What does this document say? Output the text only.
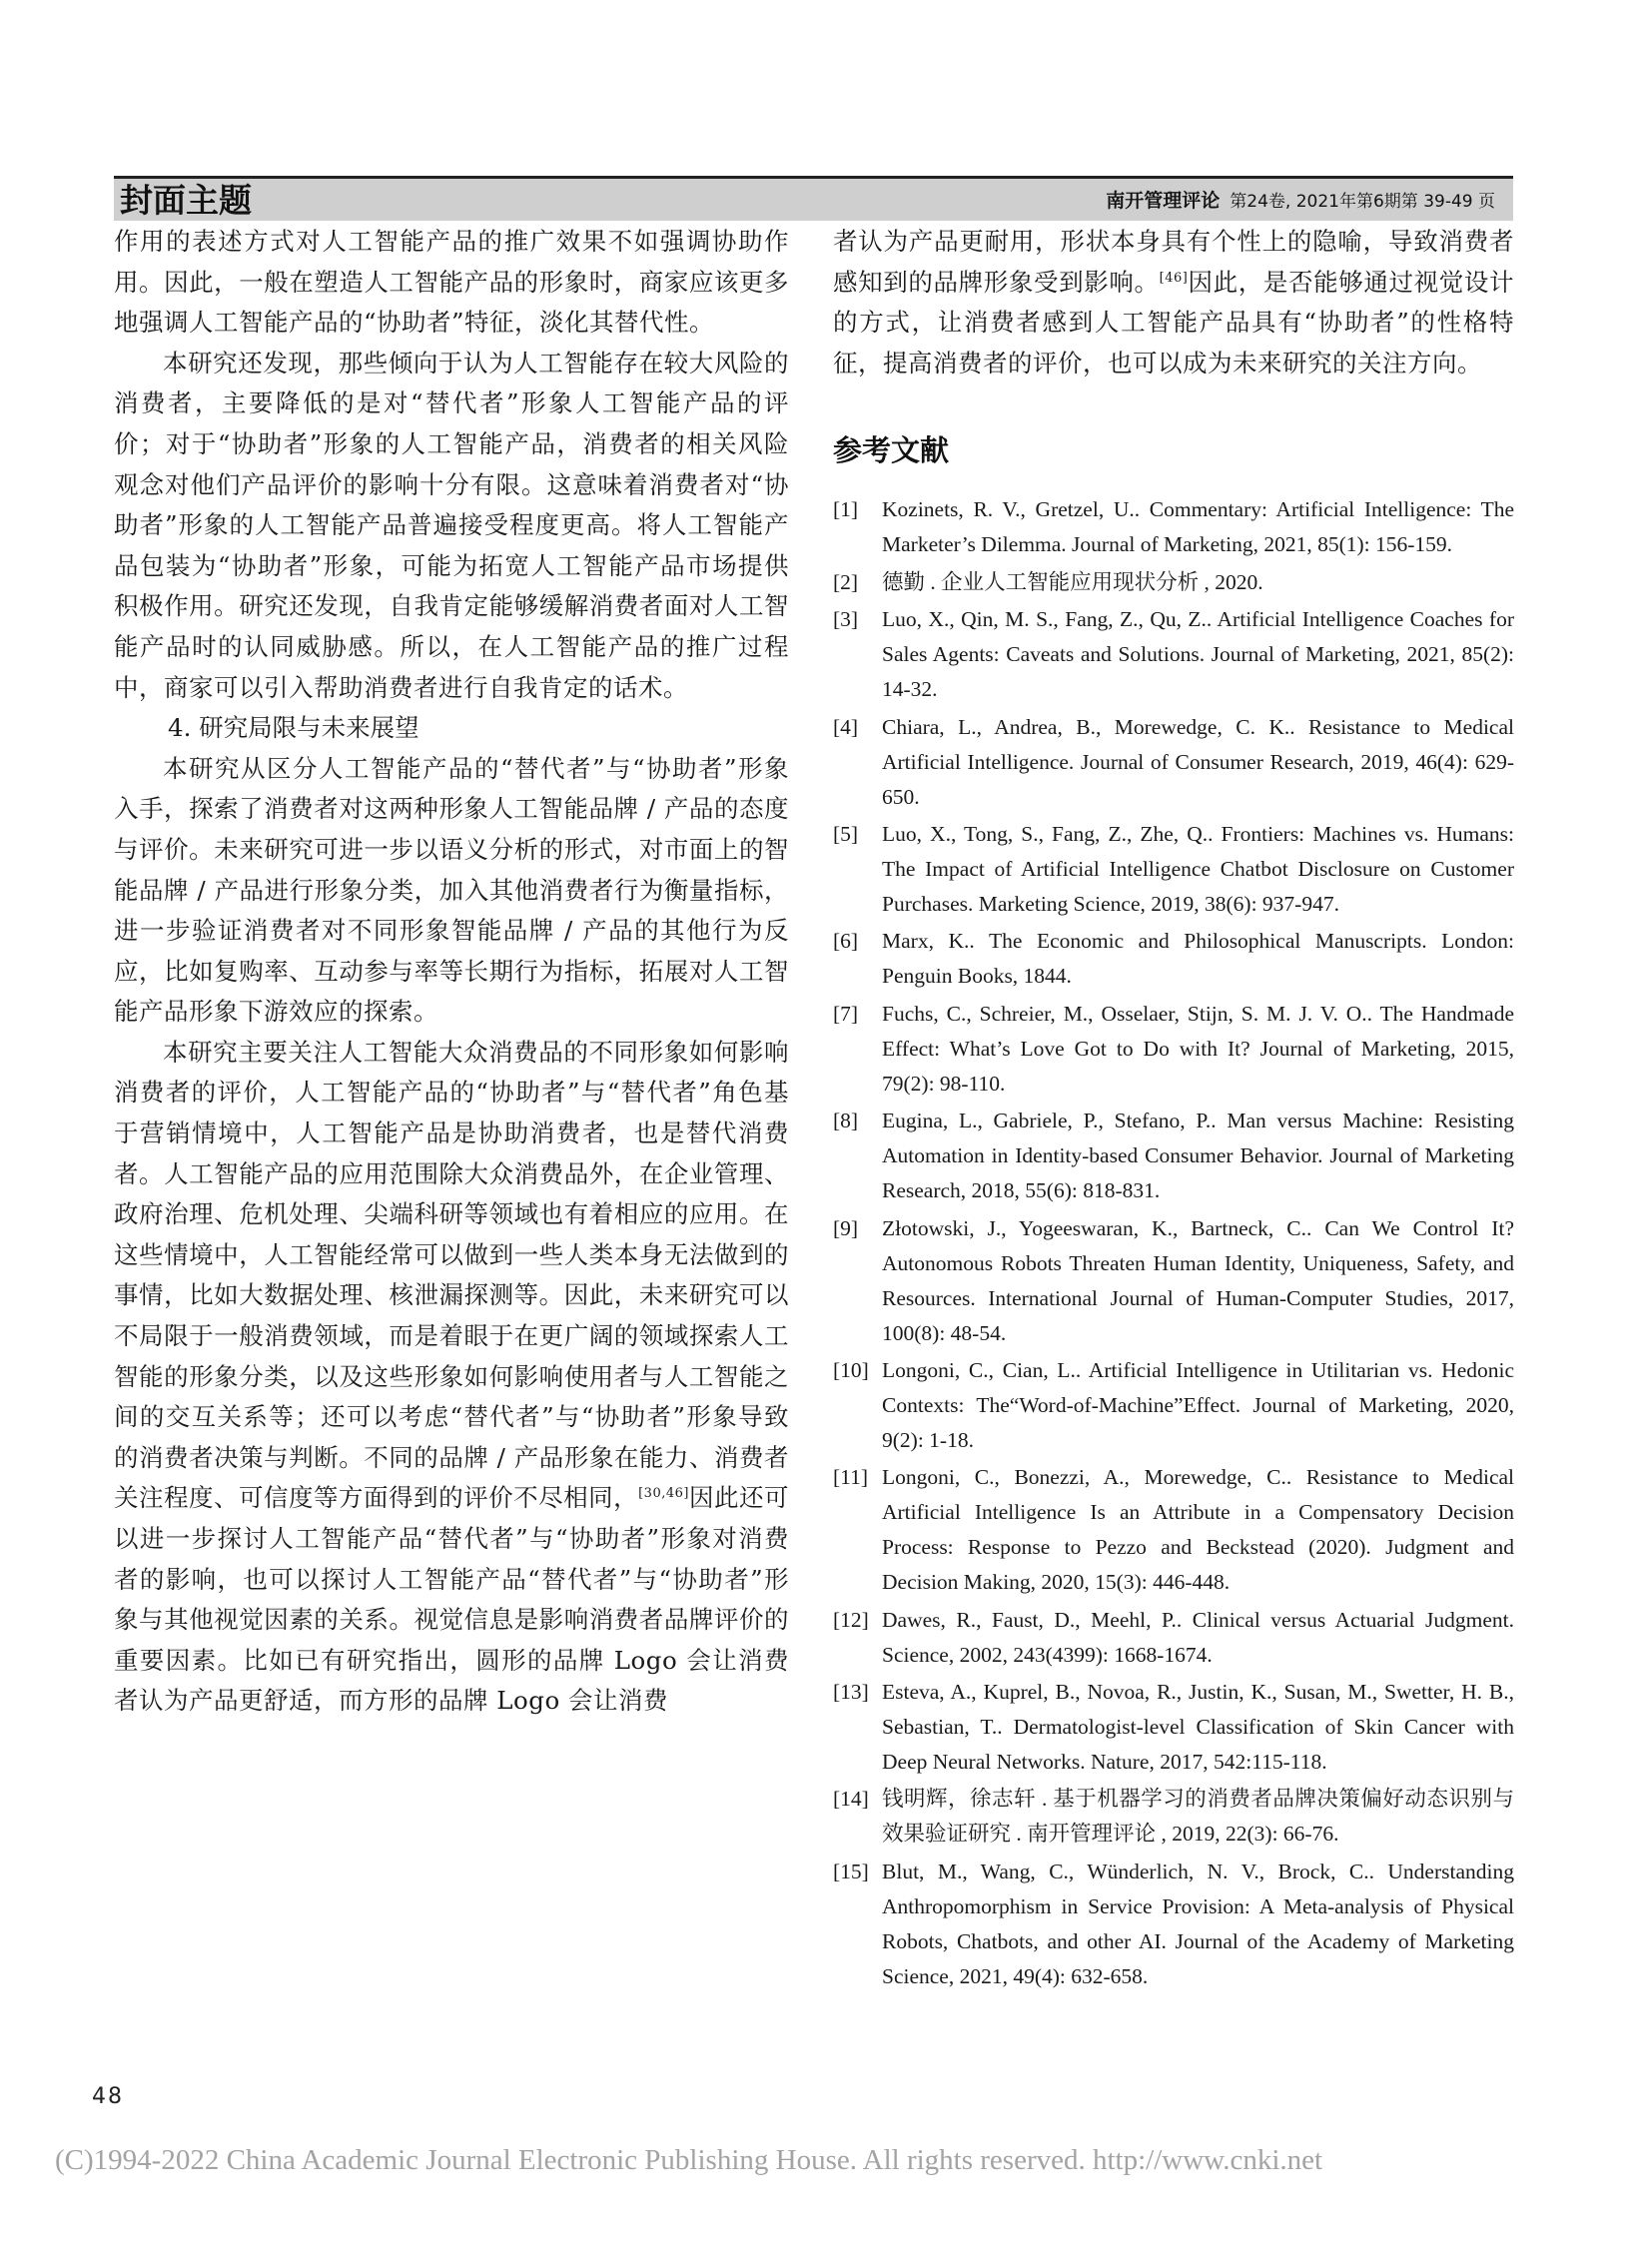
封面主题	南开管理评论 第24卷, 2021年第6期第 39-49 页

作用的表述方式对人工智能产品的推广效果不如强调协助作用。因此，一般在塑造人工智能产品的形象时，商家应该更多地强调人工智能产品的“协助者”特征，淡化其替代性。

本研究还发现，那些倾向于认为人工智能存在较大风险的消费者，主要降低的是对“替代者”形象人工智能产品的评价；对于“协助者”形象的人工智能产品，消费者的相关风险观念对他们产品评价的影响十分有限。这意味着消费者对“协助者”形象的人工智能产品普遍接受程度更高。将人工智能产品包装为“协助者”形象，可能为拓宽人工智能产品市场提供积极作用。研究还发现，自我肯定能够缓解消费者面对人工智能产品时的认同威胁感。所以，在人工智能产品的推广过程中，商家可以引入帮助消费者进行自我肯定的话术。

4. 研究局限与未来展望

本研究从区分人工智能产品的“替代者”与“协助者”形象入手，探索了消费者对这两种形象人工智能品牌 / 产品的态度与评价。未来研究可进一步以语义分析的形式，对市面上的智能品牌 / 产品进行形象分类，加入其他消费者行为衡量指标，进一步验证消费者对不同形象智能品牌 / 产品的其他行为反应，比如复购率、互动参与率等长期行为指标，拓展对人工智能产品形象下游效应的探索。

本研究主要关注人工智能大众消费品的不同形象如何影响消费者的评价，人工智能产品的“协助者”与“替代者”角色基于营销情境中，人工智能产品是协助消费者，也是替代消费者。人工智能产品的应用范围除大众消费品外，在企业管理、政府治理、危机处理、尖端科研等领域也有着相应的应用。在这些情境中，人工智能经常可以做到一些人类本身无法做到的事情，比如大数据处理、核泄漏探测等。因此，未来研究可以不局限于一般消费领域，而是着眼于在更广阔的领域探索人工智能的形象分类，以及这些形象如何影响使用者与人工智能之间的交互关系等；还可以考虑“替代者”与“协助者”形象导致的消费者决策与判断。不同的品牌 / 产品形象在能力、消费者关注程度、可信度等方面得到的评价不尽相同，[30,46]因此还可以进一步探讨人工智能产品“替代者”与“协助者”形象对消费者的影响，也可以探讨人工智能产品“替代者”与“协助者”形象与其他视觉因素的关系。视觉信息是影响消费者品牌评价的重要因素。比如已有研究指出，圆形的品牌 Logo 会让消费者认为产品更舒适，而方形的品牌 Logo 会让消费

者认为产品更耐用，形状本身具有个性上的隐喻，导致消费者感知到的品牌形象受到影响。[46]因此，是否能够通过视觉设计的方式，让消费者感到人工智能产品具有“协助者”的性格特征，提高消费者的评价，也可以成为未来研究的关注方向。

参考文献
[1] Kozinets, R. V., Gretzel, U.. Commentary: Artificial Intelligence: The Marketer’s Dilemma. Journal of Marketing, 2021, 85(1): 156-159.
[2] 德勤 . 企业人工智能应用现状分析 , 2020.
[3] Luo, X., Qin, M. S., Fang, Z., Qu, Z.. Artificial Intelligence Coaches for Sales Agents: Caveats and Solutions. Journal of Marketing, 2021, 85(2): 14-32.
[4] Chiara, L., Andrea, B., Morewedge, C. K.. Resistance to Medical Artificial Intelligence. Journal of Consumer Research, 2019, 46(4): 629-650.
[5] Luo, X., Tong, S., Fang, Z., Zhe, Q.. Frontiers: Machines vs. Humans: The Impact of Artificial Intelligence Chatbot Disclosure on Customer Purchases. Marketing Science, 2019, 38(6): 937-947.
[6] Marx, K.. The Economic and Philosophical Manuscripts. London: Penguin Books, 1844.
[7] Fuchs, C., Schreier, M., Osselaer, Stijn, S. M. J. V. O.. The Handmade Effect: What’s Love Got to Do with It? Journal of Marketing, 2015, 79(2): 98-110.
[8] Eugina, L., Gabriele, P., Stefano, P.. Man versus Machine: Resisting Automation in Identity-based Consumer Behavior. Journal of Marketing Research, 2018, 55(6): 818-831.
[9] Złotowski, J., Yogeeswaran, K., Bartneck, C.. Can We Control It? Autonomous Robots Threaten Human Identity, Uniqueness, Safety, and Resources. International Journal of Human-Computer Studies, 2017, 100(8): 48-54.
[10] Longoni, C., Cian, L.. Artificial Intelligence in Utilitarian vs. Hedonic Contexts: The“Word-of-Machine”Effect. Journal of Marketing, 2020, 9(2): 1-18.
[11] Longoni, C., Bonezzi, A., Morewedge, C.. Resistance to Medical Artificial Intelligence Is an Attribute in a Compensatory Decision Process: Response to Pezzo and Beckstead (2020). Judgment and Decision Making, 2020, 15(3): 446-448.
[12] Dawes, R., Faust, D., Meehl, P.. Clinical versus Actuarial Judgment. Science, 2002, 243(4399): 1668-1674.
[13] Esteva, A., Kuprel, B., Novoa, R., Justin, K., Susan, M., Swetter, H. B., Sebastian, T.. Dermatologist-level Classification of Skin Cancer with Deep Neural Networks. Nature, 2017, 542:115-118.
[14] 钱明辉，徐志轩 . 基于机器学习的消费者品牌决策偏好动态识别与效果验证研究 . 南开管理评论 , 2019, 22(3): 66-76.
[15] Blut, M., Wang, C., Wünderlich, N. V., Brock, C.. Understanding Anthropomorphism in Service Provision: A Meta-analysis of Physical Robots, Chatbots, and other AI. Journal of the Academy of Marketing Science, 2021, 49(4): 632-658.
48
(C)1994-2022 China Academic Journal Electronic Publishing House. All rights reserved. http://www.cnki.net
